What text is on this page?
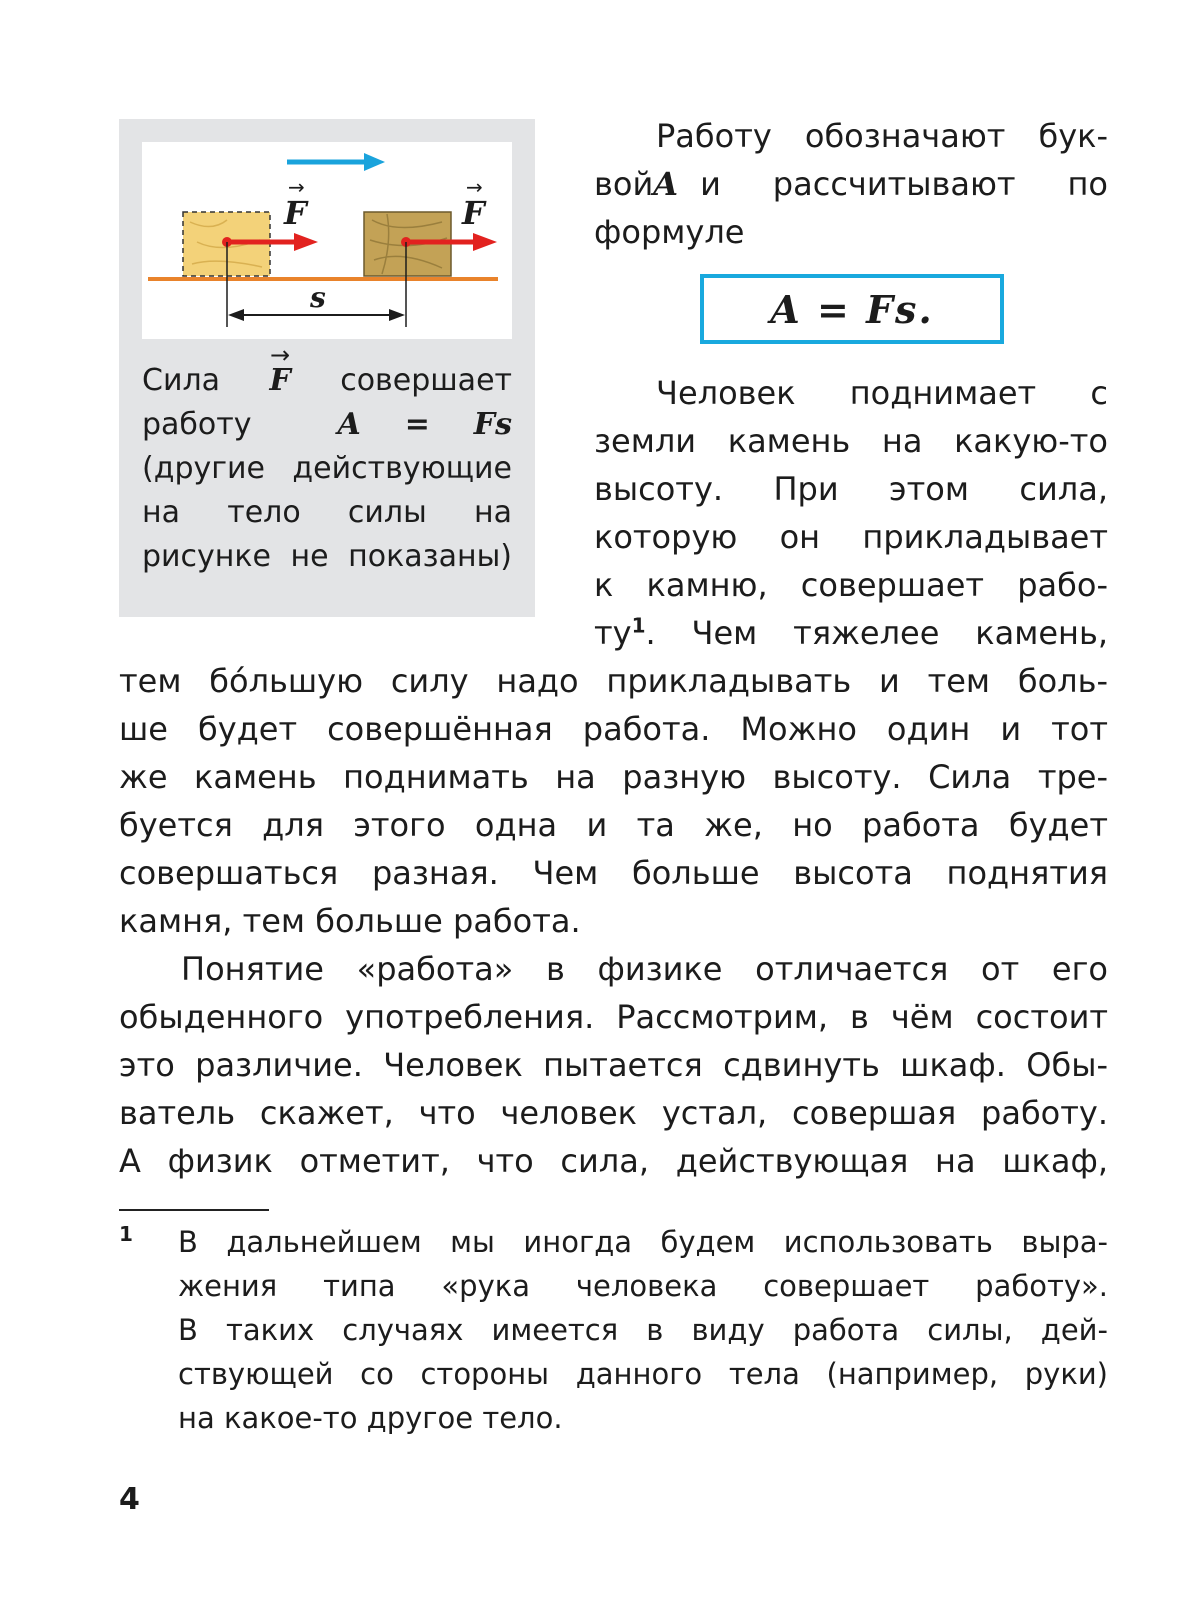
F
→
F
→
s
Сила
→ F совершает
работу	A = Fs
(другие действующие
на тело силы на
рисунке не показаны)
Работу обозначают бук-
вой A и рассчитывают по
формуле
A = Fs.
Человек поднимает с
земли камень на какую-то
высоту. При этом сила,
которую он прикладывает
к камню, совершает рабо-
$ту^1$. Чем тяжелее камень,
тем бóльшую силу надо прикладывать и тем боль-
ше будет совершённая работа. Можно один и тот
же камень поднимать на разную высоту. Сила тре-
буется для этого одна и та же, но работа будет
совершаться разная. Чем больше высота поднятия
камня, тем больше работа.
Понятие «работа» в физике отличается от его
обыденного употребления. Рассмотрим, в чём состоит
это различие. Человек пытается сдвинуть шкаф. Обы-
ватель скажет, что человек устал, совершая работу.
А физик отметит, что сила, действующая на шкаф,
1 В дальнейшем мы иногда будем использовать выра-
жения типа «рука человека совершает работу».
В таких случаях имеется в виду работа силы, дей-
ствующей со стороны данного тела (например, руки)
на какое-то другое тело.
4
